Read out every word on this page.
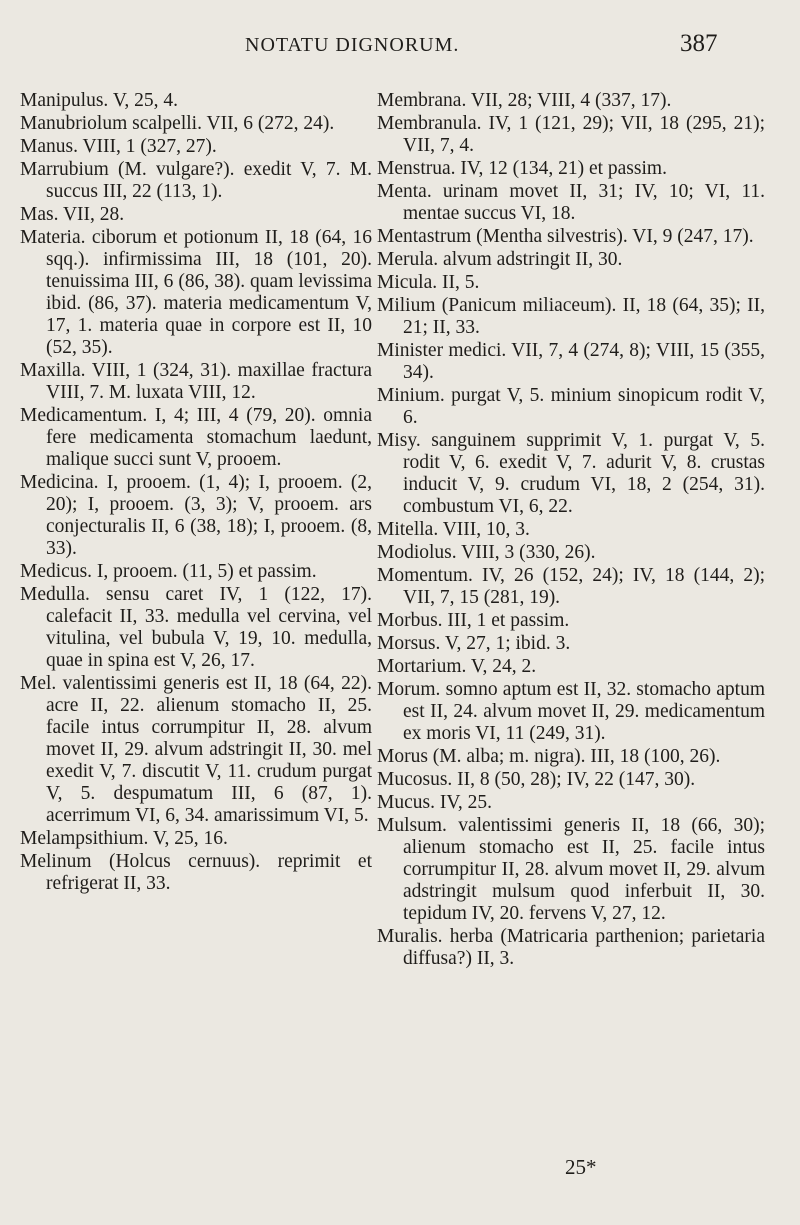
NOTATU DIGNORUM.	387

Manipulus. V, 25, 4.

Manubriolum scalpelli. VII, 6 (272, 24).

Manus. VIII, 1 (327, 27).

Marrubium (M. vulgare?). exedit V, 7. M. succus III, 22 (113, 1).

Mas. VII, 28.

Materia. ciborum et potionum II, 18 (64, 16 sqq.). infirmissima III, 18 (101, 20). tenuissima III, 6 (86, 38). quam levissima ibid. (86, 37). materia medicamentum V, 17, 1. materia quae in corpore est II, 10 (52, 35).

Maxilla. VIII, 1 (324, 31). maxillae fractura VIII, 7. M. luxata VIII, 12.

Medicamentum. I, 4; III, 4 (79, 20). omnia fere medicamenta stomachum laedunt, malique succi sunt V, prooem.

Medicina. I, prooem. (1, 4); I, prooem. (2, 20); I, prooem. (3, 3); V, prooem. ars conjecturalis II, 6 (38, 18); I, prooem. (8, 33).

Medicus. I, prooem. (11, 5) et passim.

Medulla. sensu caret IV, 1 (122, 17). calefacit II, 33. medulla vel cervina, vel vitulina, vel bubula V, 19, 10. medulla, quae in spina est V, 26, 17.

Mel. valentissimi generis est II, 18 (64, 22). acre II, 22. alienum stomacho II, 25. facile intus corrumpitur II, 28. alvum movet II, 29. alvum adstringit II, 30. mel exedit V, 7. discutit V, 11. crudum purgat V, 5. despumatum III, 6 (87, 1). acerrimum VI, 6, 34. amarissimum VI, 5.

Melampsithium. V, 25, 16.

Melinum (Holcus cernuus). reprimit et refrigerat II, 33.

Membrana. VII, 28; VIII, 4 (337, 17).

Membranula. IV, 1 (121, 29); VII, 18 (295, 21); VII, 7, 4.

Menstrua. IV, 12 (134, 21) et passim.

Menta. urinam movet II, 31; IV, 10; VI, 11. mentae succus VI, 18.

Mentastrum (Mentha silvestris). VI, 9 (247, 17).

Merula. alvum adstringit II, 30.

Micula. II, 5.

Milium (Panicum miliaceum). II, 18 (64, 35); II, 21; II, 33.

Minister medici. VII, 7, 4 (274, 8); VIII, 15 (355, 34).

Minium. purgat V, 5. minium sinopicum rodit V, 6.

Misy. sanguinem supprimit V, 1. purgat V, 5. rodit V, 6. exedit V, 7. adurit V, 8. crustas inducit V, 9. crudum VI, 18, 2 (254, 31). combustum VI, 6, 22.

Mitella. VIII, 10, 3.

Modiolus. VIII, 3 (330, 26).

Momentum. IV, 26 (152, 24); IV, 18 (144, 2); VII, 7, 15 (281, 19).

Morbus. III, 1 et passim.

Morsus. V, 27, 1; ibid. 3.

Mortarium. V, 24, 2.

Morum. somno aptum est II, 32. stomacho aptum est II, 24. alvum movet II, 29. medicamentum ex moris VI, 11 (249, 31).

Morus (M. alba; m. nigra). III, 18 (100, 26).

Mucosus. II, 8 (50, 28); IV, 22 (147, 30).

Mucus. IV, 25.

Mulsum. valentissimi generis II, 18 (66, 30); alienum stomacho est II, 25. facile intus corrumpitur II, 28. alvum movet II, 29. alvum adstringit mulsum quod inferbuit II, 30. tepidum IV, 20. fervens V, 27, 12.

Muralis. herba (Matricaria parthenion; parietaria diffusa?) II, 3.

25*
